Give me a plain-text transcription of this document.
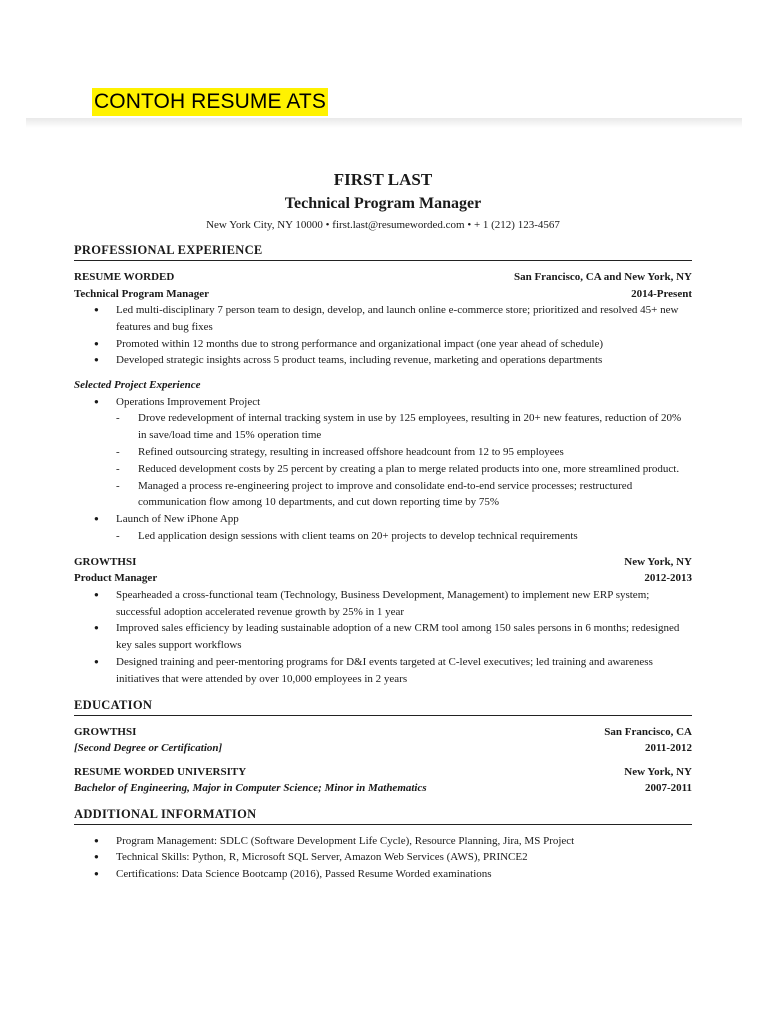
CONTOH RESUME ATS
FIRST LAST
Technical Program Manager
New York City, NY 10000 • first.last@resumeworded.com • + 1 (212) 123-4567
PROFESSIONAL EXPERIENCE
RESUME WORDED	San Francisco, CA and New York, NY
Technical Program Manager	2014-Present
● Led multi-disciplinary 7 person team to design, develop, and launch online e-commerce store; prioritized and resolved 45+ new features and bug fixes
● Promoted within 12 months due to strong performance and organizational impact (one year ahead of schedule)
● Developed strategic insights across 5 product teams, including revenue, marketing and operations departments
Selected Project Experience
● Operations Improvement Project
- Drove redevelopment of internal tracking system in use by 125 employees, resulting in 20+ new features, reduction of 20% in save/load time and 15% operation time
- Refined outsourcing strategy, resulting in increased offshore headcount from 12 to 95 employees
- Reduced development costs by 25 percent by creating a plan to merge related products into one, more streamlined product.
- Managed a process re-engineering project to improve and consolidate end-to-end service processes; restructured communication flow among 10 departments, and cut down reporting time by 75%
● Launch of New iPhone App
- Led application design sessions with client teams on 20+ projects to develop technical requirements
GROWTHSI	New York, NY
Product Manager	2012-2013
● Spearheaded a cross-functional team (Technology, Business Development, Management) to implement new ERP system; successful adoption accelerated revenue growth by 25% in 1 year
● Improved sales efficiency by leading sustainable adoption of a new CRM tool among 150 sales persons in 6 months; redesigned key sales support workflows
● Designed training and peer-mentoring programs for D&I events targeted at C-level executives; led training and awareness initiatives that were attended by over 10,000 employees in 2 years
EDUCATION
GROWTHSI	San Francisco, CA
[Second Degree or Certification]	2011-2012
RESUME WORDED UNIVERSITY	New York, NY
Bachelor of Engineering, Major in Computer Science; Minor in Mathematics	2007-2011
ADDITIONAL INFORMATION
● Program Management: SDLC (Software Development Life Cycle), Resource Planning, Jira, MS Project
● Technical Skills: Python, R, Microsoft SQL Server, Amazon Web Services (AWS), PRINCE2
● Certifications: Data Science Bootcamp (2016), Passed Resume Worded examinations
